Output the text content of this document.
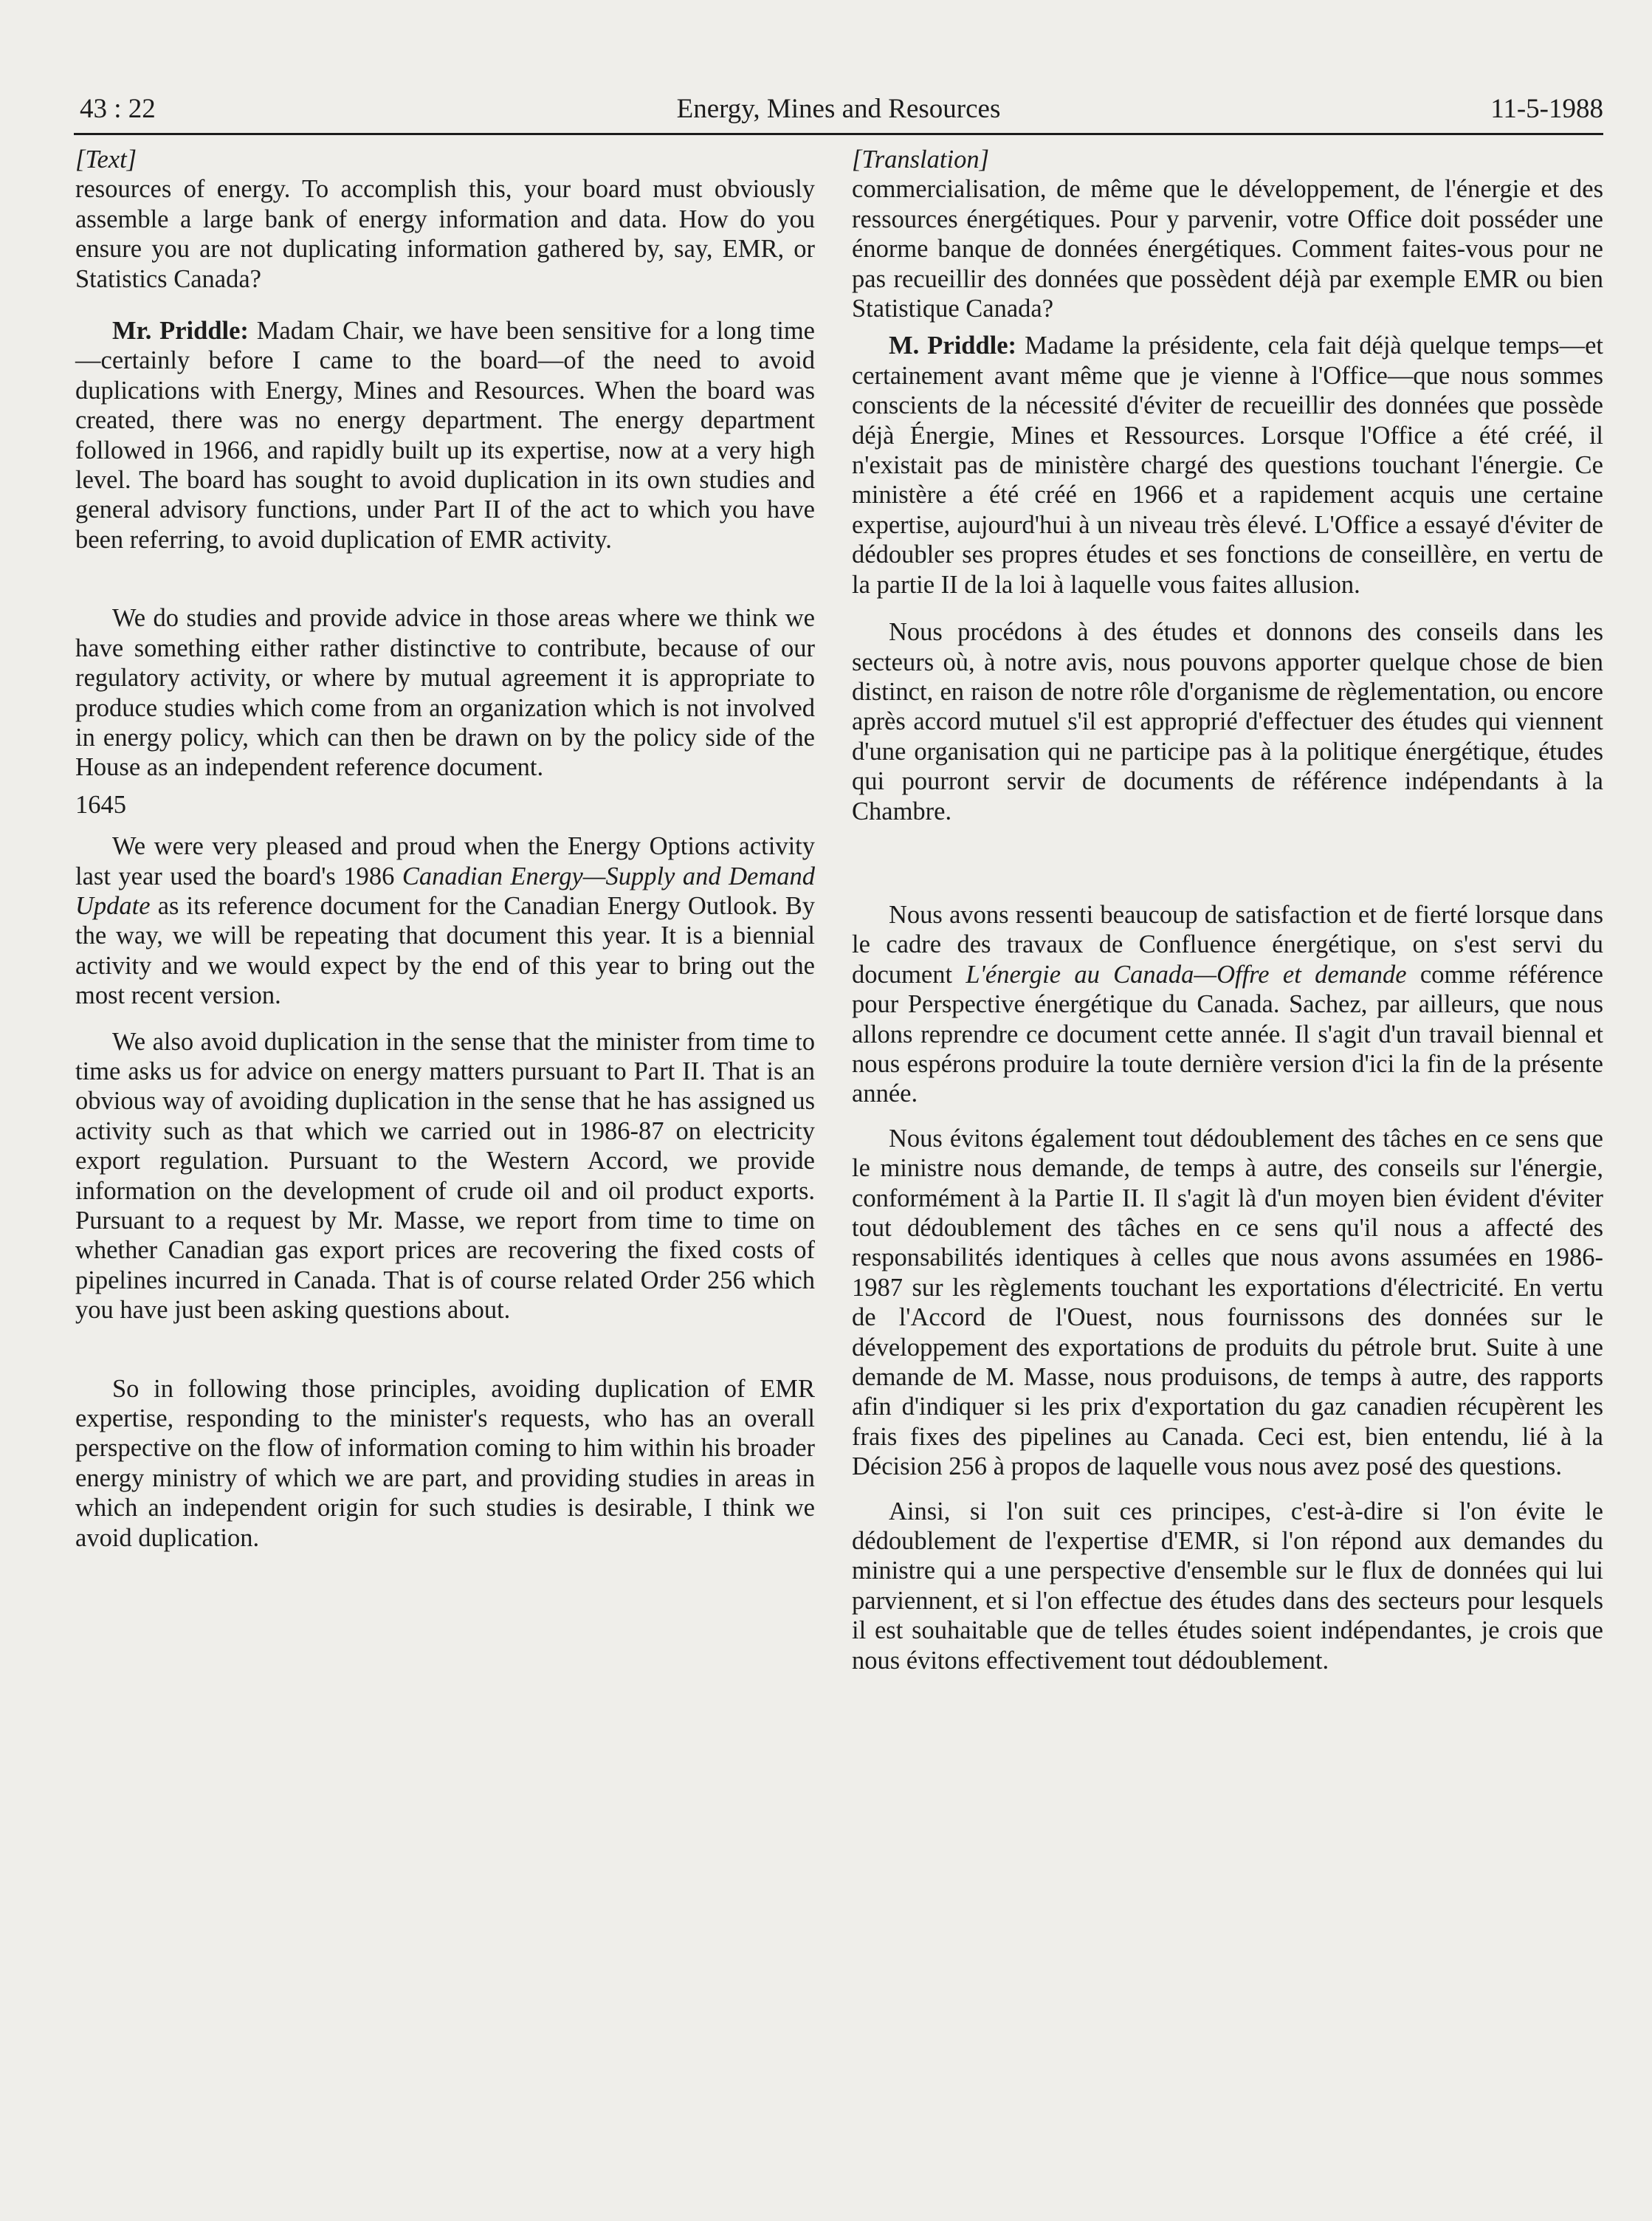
43 : 22	Energy, Mines and Resources	11-5-1988
[Text]

resources of energy. To accomplish this, your board must obviously assemble a large bank of energy information and data. How do you ensure you are not duplicating information gathered by, say, EMR, or Statistics Canada?

Mr. Priddle: Madam Chair, we have been sensitive for a long time—certainly before I came to the board—of the need to avoid duplications with Energy, Mines and Resources. When the board was created, there was no energy department. The energy department followed in 1966, and rapidly built up its expertise, now at a very high level. The board has sought to avoid duplication in its own studies and general advisory functions, under Part II of the act to which you have been referring, to avoid duplication of EMR activity.

We do studies and provide advice in those areas where we think we have something either rather distinctive to contribute, because of our regulatory activity, or where by mutual agreement it is appropriate to produce studies which come from an organization which is not involved in energy policy, which can then be drawn on by the policy side of the House as an independent reference document.

1645

We were very pleased and proud when the Energy Options activity last year used the board's 1986 Canadian Energy—Supply and Demand Update as its reference document for the Canadian Energy Outlook. By the way, we will be repeating that document this year. It is a biennial activity and we would expect by the end of this year to bring out the most recent version.

We also avoid duplication in the sense that the minister from time to time asks us for advice on energy matters pursuant to Part II. That is an obvious way of avoiding duplication in the sense that he has assigned us activity such as that which we carried out in 1986-87 on electricity export regulation. Pursuant to the Western Accord, we provide information on the development of crude oil and oil product exports. Pursuant to a request by Mr. Masse, we report from time to time on whether Canadian gas export prices are recovering the fixed costs of pipelines incurred in Canada. That is of course related Order 256 which you have just been asking questions about.

So in following those principles, avoiding duplication of EMR expertise, responding to the minister's requests, who has an overall perspective on the flow of information coming to him within his broader energy ministry of which we are part, and providing studies in areas in which an independent origin for such studies is desirable, I think we avoid duplication.

[Translation]

commercialisation, de même que le développement, de l'énergie et des ressources énergétiques. Pour y parvenir, votre Office doit posséder une énorme banque de données énergétiques. Comment faites-vous pour ne pas recueillir des données que possèdent déjà par exemple EMR ou bien Statistique Canada?

M. Priddle: Madame la présidente, cela fait déjà quelque temps—et certainement avant même que je vienne à l'Office—que nous sommes conscients de la nécessité d'éviter de recueillir des données que possède déjà Énergie, Mines et Ressources. Lorsque l'Office a été créé, il n'existait pas de ministère chargé des questions touchant l'énergie. Ce ministère a été créé en 1966 et a rapidement acquis une certaine expertise, aujourd'hui à un niveau très élevé. L'Office a essayé d'éviter de dédoubler ses propres études et ses fonctions de conseillère, en vertu de la partie II de la loi à laquelle vous faites allusion.

Nous procédons à des études et donnons des conseils dans les secteurs où, à notre avis, nous pouvons apporter quelque chose de bien distinct, en raison de notre rôle d'organisme de règlementation, ou encore après accord mutuel s'il est approprié d'effectuer des études qui viennent d'une organisation qui ne participe pas à la politique énergétique, études qui pourront servir de documents de référence indépendants à la Chambre.

Nous avons ressenti beaucoup de satisfaction et de fierté lorsque dans le cadre des travaux de Confluence énergétique, on s'est servi du document L'énergie au Canada—Offre et demande comme référence pour Perspective énergétique du Canada. Sachez, par ailleurs, que nous allons reprendre ce document cette année. Il s'agit d'un travail biennal et nous espérons produire la toute dernière version d'ici la fin de la présente année.

Nous évitons également tout dédoublement des tâches en ce sens que le ministre nous demande, de temps à autre, des conseils sur l'énergie, conformément à la Partie II. Il s'agit là d'un moyen bien évident d'éviter tout dédoublement des tâches en ce sens qu'il nous a affecté des responsabilités identiques à celles que nous avons assumées en 1986-1987 sur les règlements touchant les exportations d'électricité. En vertu de l'Accord de l'Ouest, nous fournissons des données sur le développement des exportations de produits du pétrole brut. Suite à une demande de M. Masse, nous produisons, de temps à autre, des rapports afin d'indiquer si les prix d'exportation du gaz canadien récupèrent les frais fixes des pipelines au Canada. Ceci est, bien entendu, lié à la Décision 256 à propos de laquelle vous nous avez posé des questions.

Ainsi, si l'on suit ces principes, c'est-à-dire si l'on évite le dédoublement de l'expertise d'EMR, si l'on répond aux demandes du ministre qui a une perspective d'ensemble sur le flux de données qui lui parviennent, et si l'on effectue des études dans des secteurs pour lesquels il est souhaitable que de telles études soient indépendantes, je crois que nous évitons effectivement tout dédoublement.
